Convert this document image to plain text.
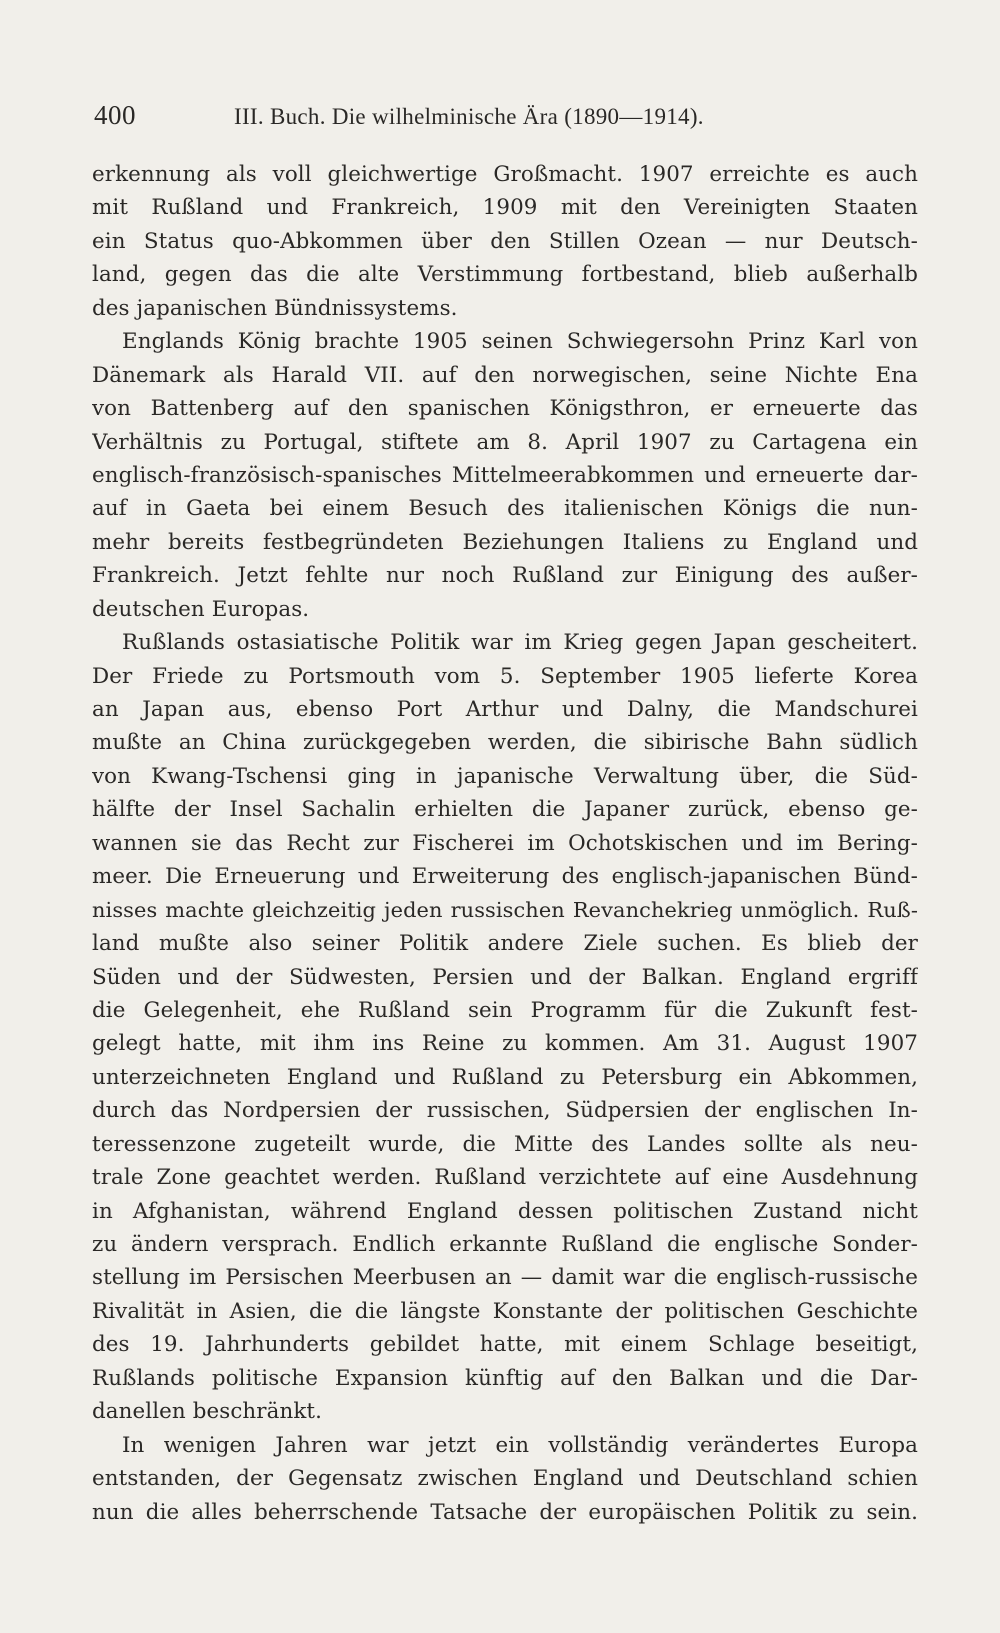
400	III. Buch. Die wilhelminische Ära (1890—1914).
erkennung als voll gleichwertige Großmacht. 1907 erreichte es auch
mit Rußland und Frankreich, 1909 mit den Vereinigten Staaten
ein Status quo-Abkommen über den Stillen Ozean — nur Deutsch-
land, gegen das die alte Verstimmung fortbestand, blieb außerhalb
des japanischen Bündnissystems.
Englands König brachte 1905 seinen Schwiegersohn Prinz Karl von
Dänemark als Harald VII. auf den norwegischen, seine Nichte Ena
von Battenberg auf den spanischen Königsthron, er erneuerte das
Verhältnis zu Portugal, stiftete am 8. April 1907 zu Cartagena ein
englisch-französisch-spanisches Mittelmeerabkommen und erneuerte dar-
auf in Gaeta bei einem Besuch des italienischen Königs die nun-
mehr bereits festbegründeten Beziehungen Italiens zu England und
Frankreich. Jetzt fehlte nur noch Rußland zur Einigung des außer-
deutschen Europas.
Rußlands ostasiatische Politik war im Krieg gegen Japan gescheitert.
Der Friede zu Portsmouth vom 5. September 1905 lieferte Korea
an Japan aus, ebenso Port Arthur und Dalny, die Mandschurei
mußte an China zurückgegeben werden, die sibirische Bahn südlich
von Kwang-Tschensi ging in japanische Verwaltung über, die Süd-
hälfte der Insel Sachalin erhielten die Japaner zurück, ebenso ge-
wannen sie das Recht zur Fischerei im Ochotskischen und im Bering-
meer. Die Erneuerung und Erweiterung des englisch-japanischen Bünd-
nisses machte gleichzeitig jeden russischen Revanchekrieg unmöglich. Ruß-
land mußte also seiner Politik andere Ziele suchen. Es blieb der
Süden und der Südwesten, Persien und der Balkan. England ergriff
die Gelegenheit, ehe Rußland sein Programm für die Zukunft fest-
gelegt hatte, mit ihm ins Reine zu kommen. Am 31. August 1907
unterzeichneten England und Rußland zu Petersburg ein Abkommen,
durch das Nordpersien der russischen, Südpersien der englischen In-
teressenzone zugeteilt wurde, die Mitte des Landes sollte als neu-
trale Zone geachtet werden. Rußland verzichtete auf eine Ausdehnung
in Afghanistan, während England dessen politischen Zustand nicht
zu ändern versprach. Endlich erkannte Rußland die englische Sonder-
stellung im Persischen Meerbusen an — damit war die englisch-russische
Rivalität in Asien, die die längste Konstante der politischen Geschichte
des 19. Jahrhunderts gebildet hatte, mit einem Schlage beseitigt,
Rußlands politische Expansion künftig auf den Balkan und die Dar-
danellen beschränkt.
In wenigen Jahren war jetzt ein vollständig verändertes Europa
entstanden, der Gegensatz zwischen England und Deutschland schien
nun die alles beherrschende Tatsache der europäischen Politik zu sein.
